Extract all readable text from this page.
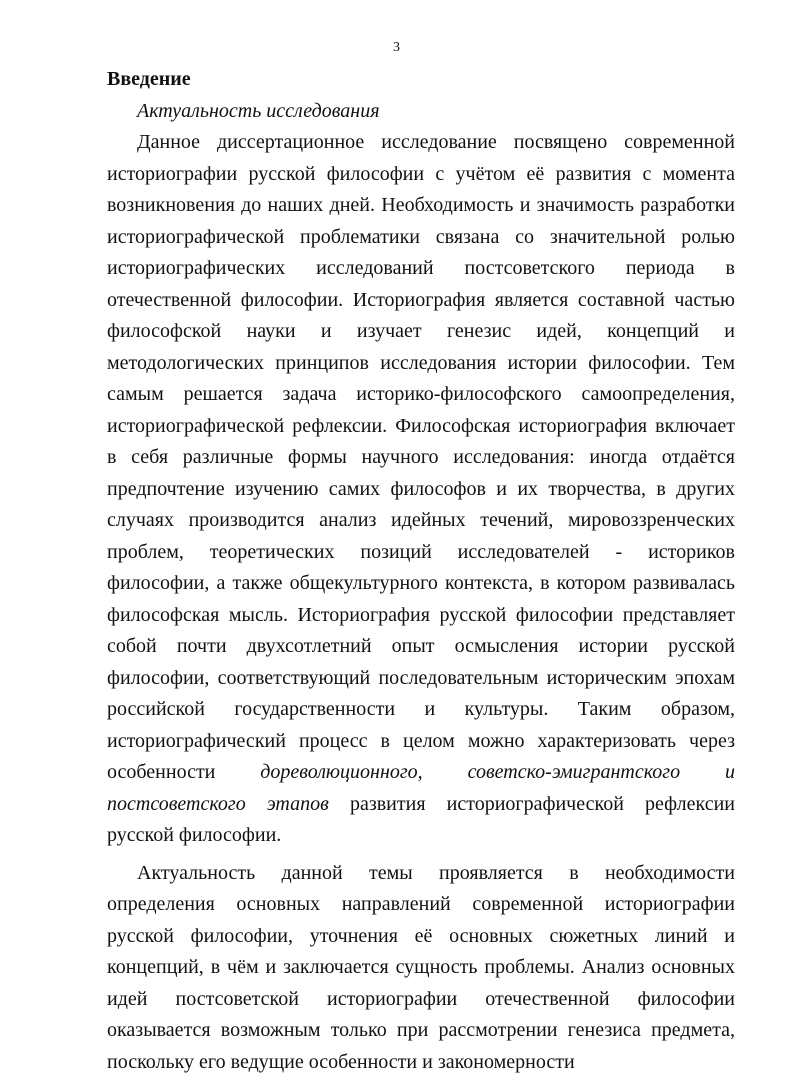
3
Введение
Актуальность исследования

Данное диссертационное исследование посвящено современной историографии русской философии с учётом её развития с момента возникновения до наших дней. Необходимость и значимость разработки историографической проблематики связана со значительной ролью историографических исследований постсоветского периода в отечественной философии. Историография является составной частью философской науки и изучает генезис идей, концепций и методологических принципов исследования истории философии. Тем самым решается задача историко-философского самоопределения, историографической рефлексии. Философская историография включает в себя различные формы научного исследования: иногда отдаётся предпочтение изучению самих философов и их творчества, в других случаях производится анализ идейных течений, мировоззренческих проблем, теоретических позиций исследователей - историков философии, а также общекультурного контекста, в котором развивалась философская мысль. Историография русской философии представляет собой почти двухсотлетний опыт осмысления истории русской философии, соответствующий последовательным историческим эпохам российской государственности и культуры. Таким образом, историографический процесс в целом можно характеризовать через особенности дореволюционного, советско-эмигрантского и постсоветского этапов развития историографической рефлексии русской философии.

Актуальность данной темы проявляется в необходимости определения основных направлений современной историографии русской философии, уточнения её основных сюжетных линий и концепций, в чём и заключается сущность проблемы. Анализ основных идей постсоветской историографии отечественной философии оказывается возможным только при рассмотрении генезиса предмета, поскольку его ведущие особенности и закономерности
